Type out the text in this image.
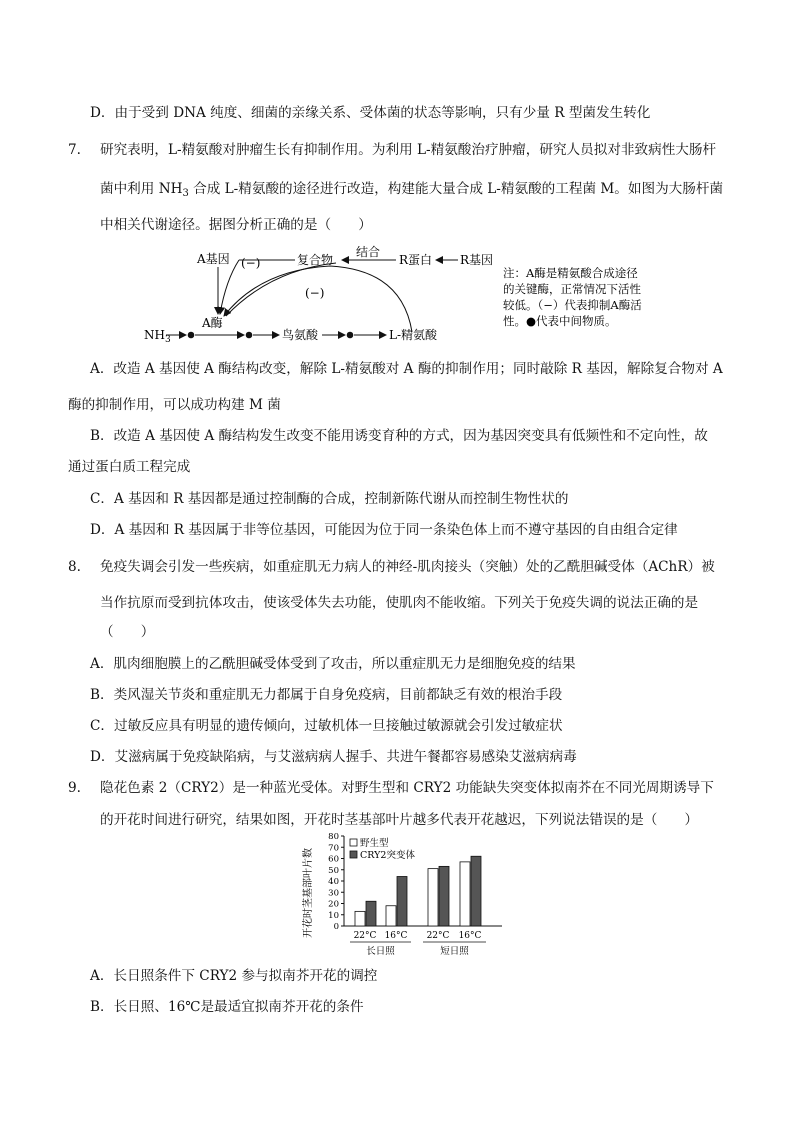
D．由于受到 DNA 纯度、细菌的亲缘关系、受体菌的状态等影响，只有少量 R 型菌发生转化
7. 研究表明，L-精氨酸对肿瘤生长有抑制作用。为利用 L-精氨酸治疗肿瘤，研究人员拟对非致病性大肠杆
菌中利用 $NH_3$ 合成 L-精氨酸的途径进行改造，构建能大量合成 L-精氨酸的工程菌 M。如图为大肠杆菌
中相关代谢途径。据图分析正确的是（　　）
A基因 (−)	复合物
结合
R蛋白 R基因
(−)
A酶
$NH_3$	鸟氨酸	L-精氨酸
注：A酶是精氨酸合成途径
的关键酶，正常情况下活性
较低。（−）代表抑制A酶活
性。●代表中间物质。
A．改造 A 基因使 A 酶结构改变，解除 L-精氨酸对 A 酶的抑制作用；同时敲除 R 基因，解除复合物对 A
酶的抑制作用，可以成功构建 M 菌
B．改造 A 基因使 A 酶结构发生改变不能用诱变育种的方式，因为基因突变具有低频性和不定向性，故
通过蛋白质工程完成
C．A 基因和 R 基因都是通过控制酶的合成，控制新陈代谢从而控制生物性状的
D．A 基因和 R 基因属于非等位基因，可能因为位于同一条染色体上而不遵守基因的自由组合定律
8. 免疫失调会引发一些疾病，如重症肌无力病人的神经-肌肉接头（突触）处的乙酰胆碱受体（AChR）被
当作抗原而受到抗体攻击，使该受体失去功能，使肌肉不能收缩。下列关于免疫失调的说法正确的是
（　　）
A．肌肉细胞膜上的乙酰胆碱受体受到了攻击，所以重症肌无力是细胞免疫的结果
B．类风湿关节炎和重症肌无力都属于自身免疫病，目前都缺乏有效的根治手段
C．过敏反应具有明显的遗传倾向，过敏机体一旦接触过敏源就会引发过敏症状
D．艾滋病属于免疫缺陷病，与艾滋病病人握手、共进午餐都容易感染艾滋病病毒
9. 隐花色素 2（CRY2）是一种蓝光受体。对野生型和 CRY2 功能缺失突变体拟南芥在不同光周期诱导下
的开花时间进行研究，结果如图，开花时茎基部叶片越多代表开花越迟，下列说法错误的是（　　）
开花时茎基部叶片数 0
10
20
30
40
50
60
70
80
22°C 16°C 22°C 16°C
长日照	短日照
野生型
CRY2突变体
A．长日照条件下 CRY2 参与拟南芥开花的调控
B．长日照、16℃是最适宜拟南芥开花的条件
